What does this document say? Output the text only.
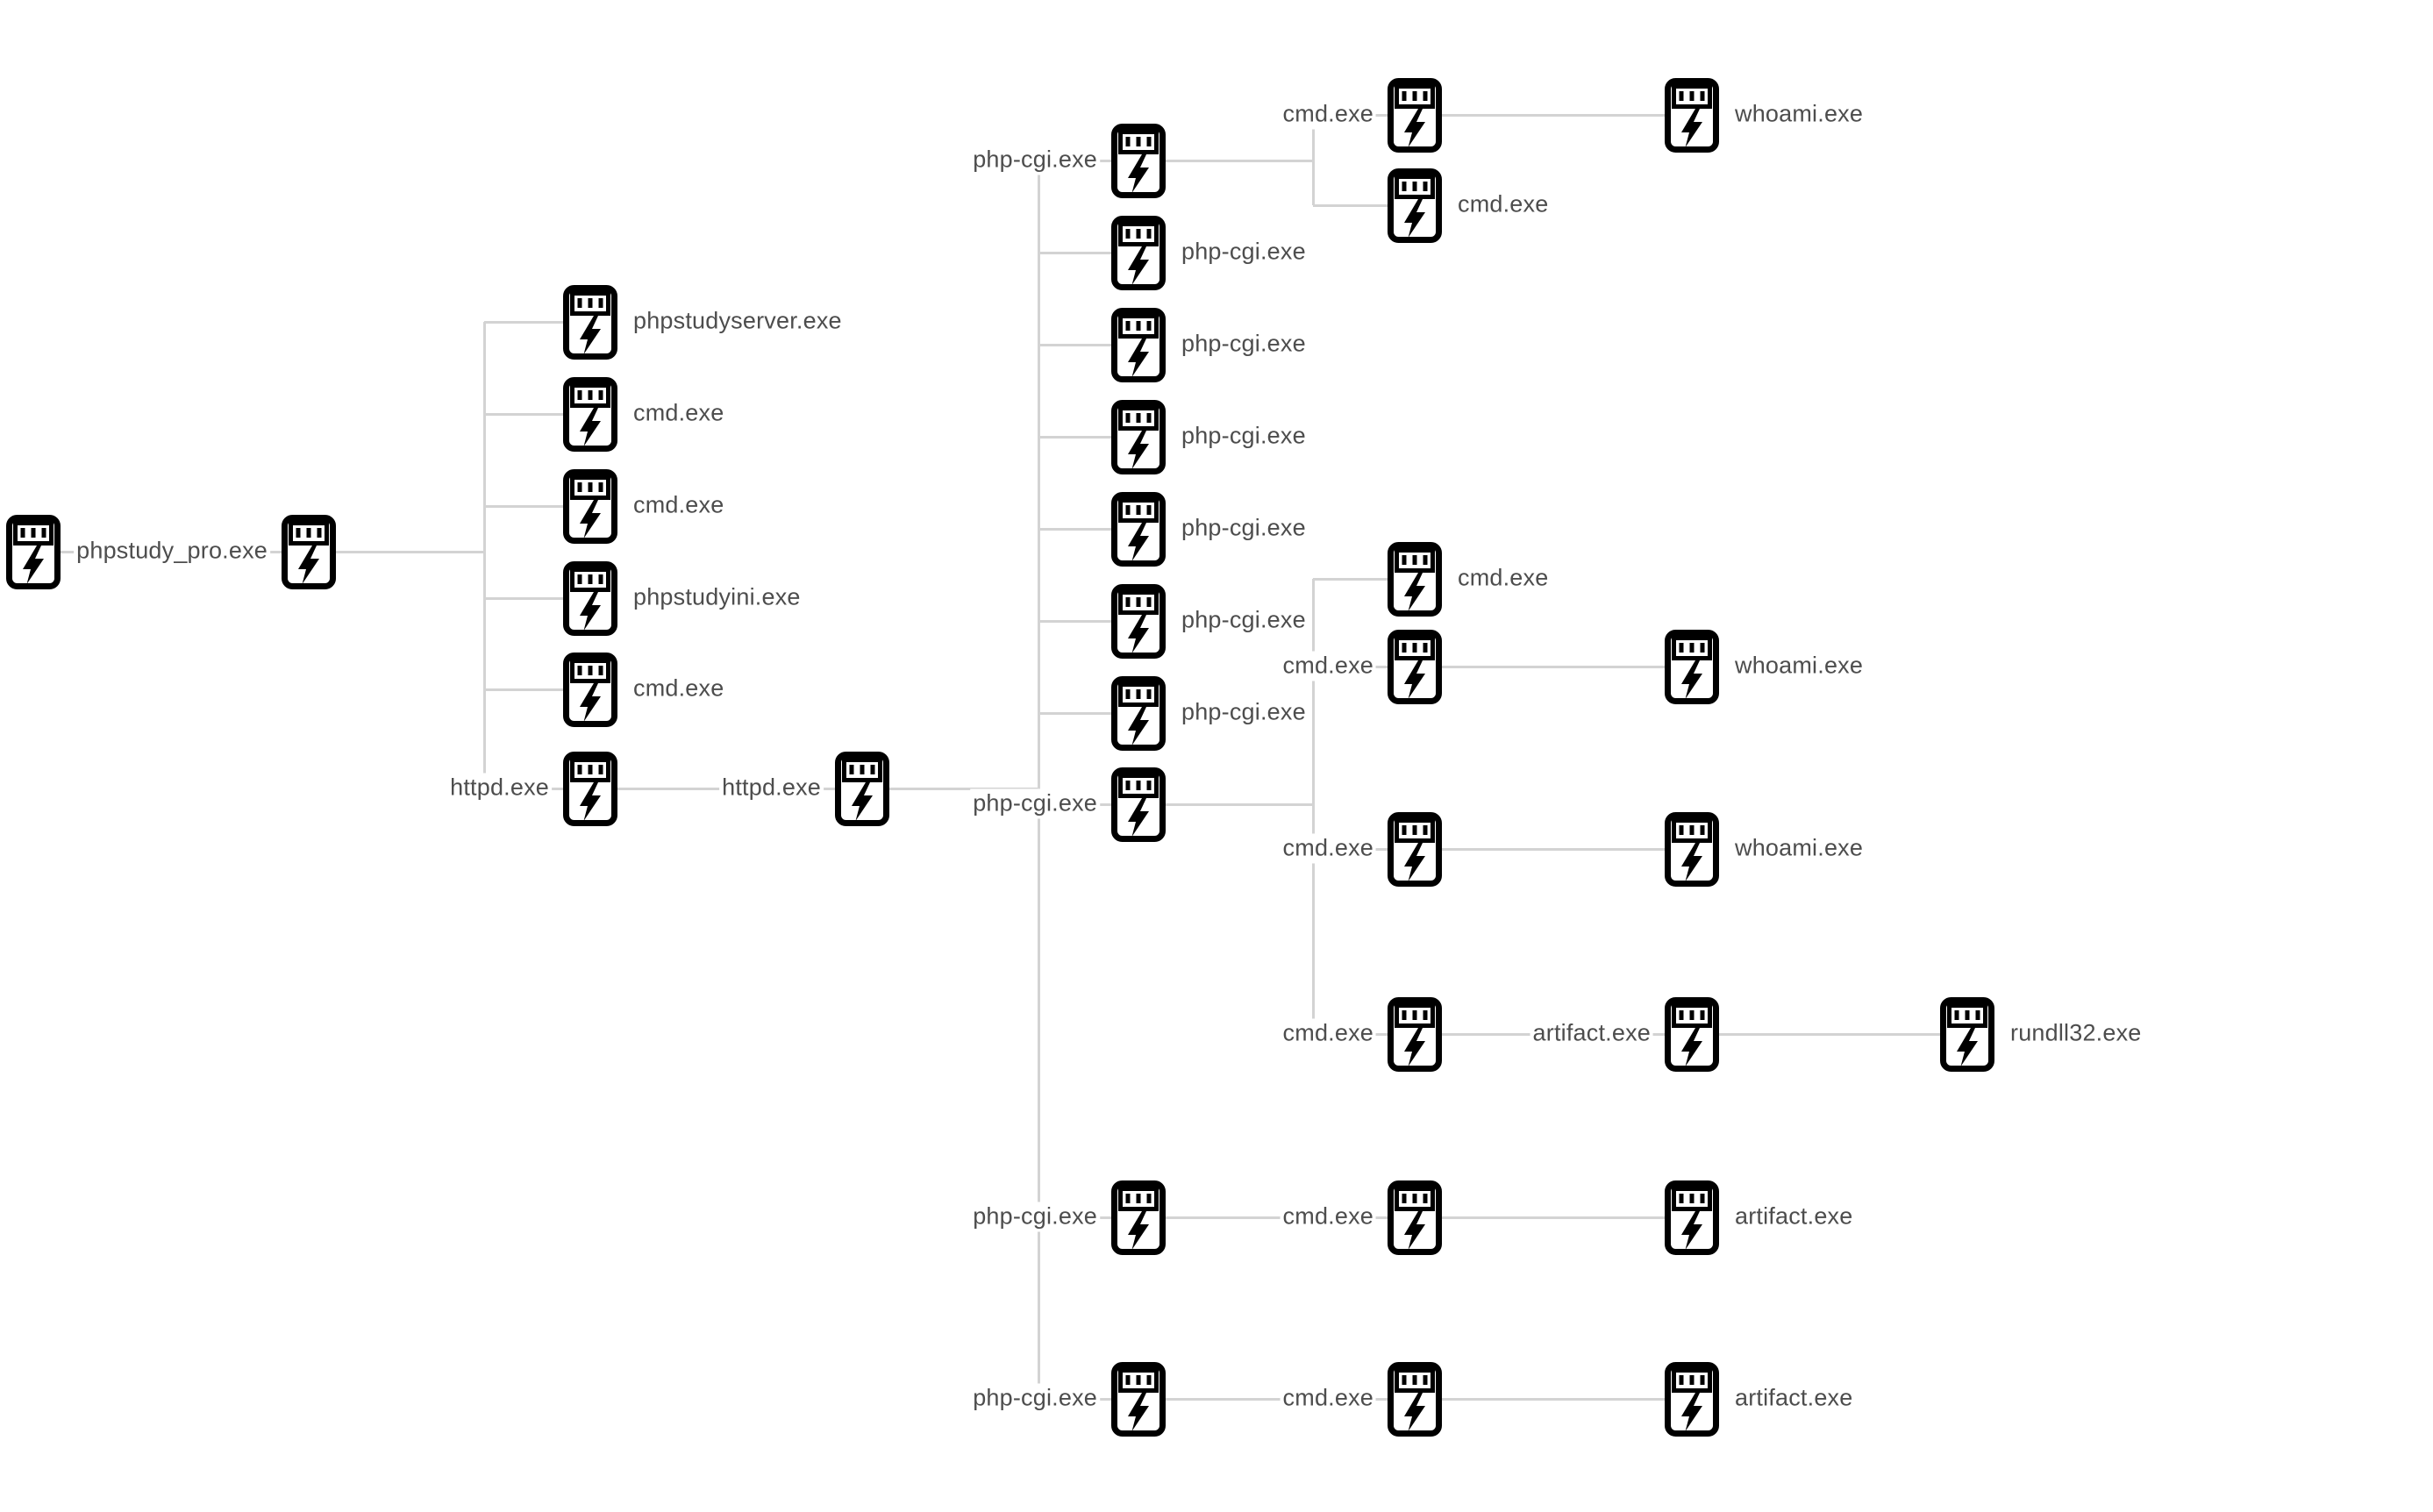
phpstudy_pro.exe
phpstudyserver.exe
cmd.exe
cmd.exe
phpstudyini.exe
cmd.exe
httpd.exe	httpd.exe
php-cgi.exe
php-cgi.exe
php-cgi.exe
php-cgi.exe
php-cgi.exe
php-cgi.exe
php-cgi.exe
php-cgi.exe
php-cgi.exe
php-cgi.exe
cmd.exe
cmd.exe
whoami.exe
cmd.exe
cmd.exe	whoami.exe
cmd.exe	whoami.exe
cmd.exe	artifact.exe	rundll32.exe
cmd.exe	artifact.exe
cmd.exe	artifact.exe
